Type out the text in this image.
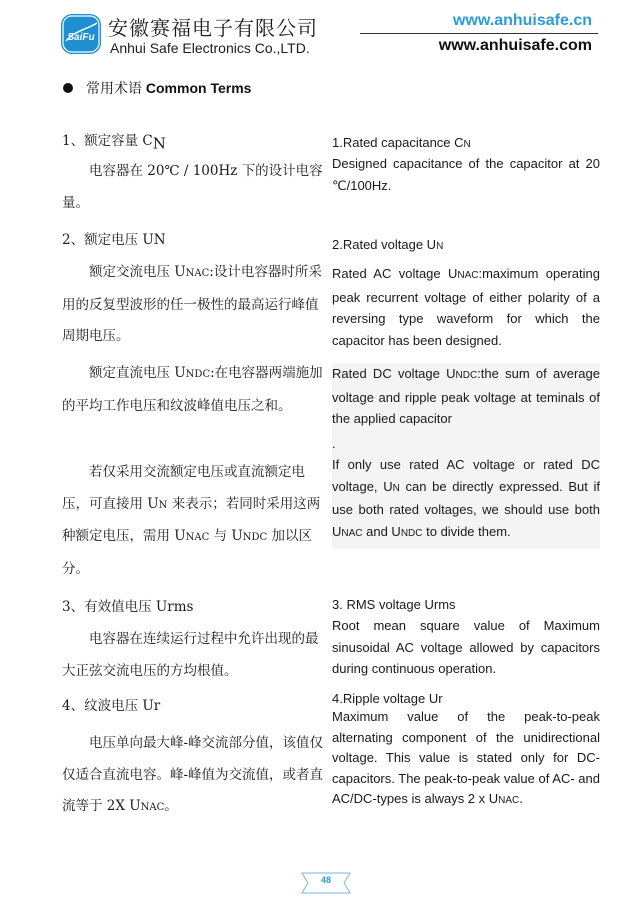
SaiFu 安徽赛福电子有限公司
Anhui Safe Electronics Co.,LTD.
www.anhuisafe.cn
www.anhuisafe.com
常用术语 Common Terms
1、额定容量 $C_N$
电容器在 20℃ / 100Hz 下的设计电容量。
2、额定电压 UN
额定交流电压 UNAC:设计电容器时所采用的反复型波形的任一极性的最高运行峰值周期电压。
额定直流电压 UNDC:在电容器两端施加的平均工作电压和纹波峰值电压之和。
若仅采用交流额定电压或直流额定电压，可直接用 UN 来表示；若同时采用这两种额定电压，需用 UNAC 与 UNDC 加以区分。
3、有效值电压 Urms
电容器在连续运行过程中允许出现的最大正弦交流电压的方均根值。
4、纹波电压 Ur
电压单向最大峰-峰交流部分值，该值仅仅适合直流电容。峰-峰值为交流值，或者直流等于 2X UNAC。
1.Rated capacitance CN
Designed capacitance of the capacitor at 20 ℃/100Hz.
2.Rated voltage UN
Rated AC voltage UNAC:maximum operating peak recurrent voltage of either polarity of a reversing type waveform for which the capacitor has been designed.
Rated DC voltage UNDC:the sum of average voltage and ripple peak voltage at teminals of the applied capacitor
.
If only use rated AC voltage or rated DC voltage, UN can be directly expressed. But if use both rated voltages, we should use both UNAC and UNDC to divide them.
3. RMS voltage Urms
Root mean square value of Maximum sinusoidal AC voltage allowed by capacitors during continuous operation.
4.Ripple voltage Ur
Maximum value of the peak-to-peak alternating component of the unidirectional voltage. This value is stated only for DC-capacitors. The peak-to-peak value of AC- and AC/DC-types is always 2 x UNAC.
48
